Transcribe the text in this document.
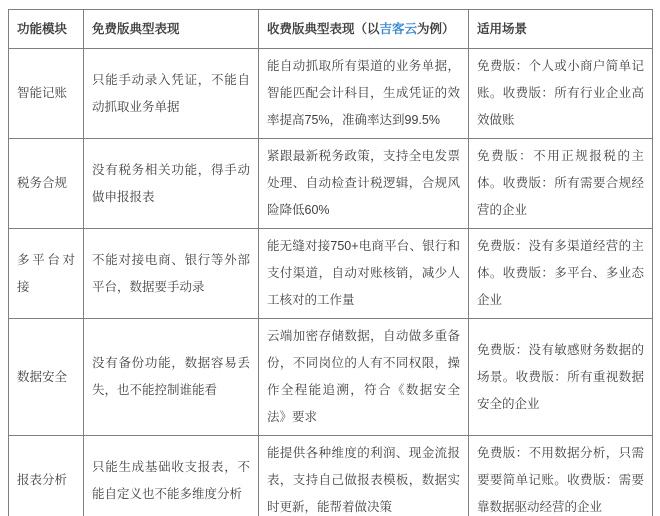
功能模块	免费版典型表现	收费版典型表现（以吉客云为例）	适用场景
智能记账	只能手动录入凭证，不能自动抓取业务单据	能自动抓取所有渠道的业务单据，智能匹配会计科目，生成凭证的效率提高75%，准确率达到99.5%	免费版：个人或小商户简单记账。收费版：所有行业企业高效做账
税务合规	没有税务相关功能，得手动做申报报表	紧跟最新税务政策，支持全电发票处理、自动检查计税逻辑，合规风险降低60%	免费版：不用正规报税的主体。收费版：所有需要合规经营的企业
多平台对接	不能对接电商、银行等外部平台，数据要手动录	能无缝对接750+电商平台、银行和支付渠道，自动对账核销，减少人工核对的工作量	免费版：没有多渠道经营的主体。收费版：多平台、多业态企业
数据安全	没有备份功能，数据容易丢失，也不能控制谁能看	云端加密存储数据，自动做多重备份，不同岗位的人有不同权限，操作全程能追溯，符合《数据安全法》要求	免费版：没有敏感财务数据的场景。收费版：所有重视数据安全的企业
报表分析	只能生成基础收支报表，不能自定义也不能多维度分析	能提供各种维度的利润、现金流报表，支持自己做报表模板，数据实时更新，能帮着做决策	免费版：不用数据分析，只需要要简单记账。收费版：需要靠数据驱动经营的企业
